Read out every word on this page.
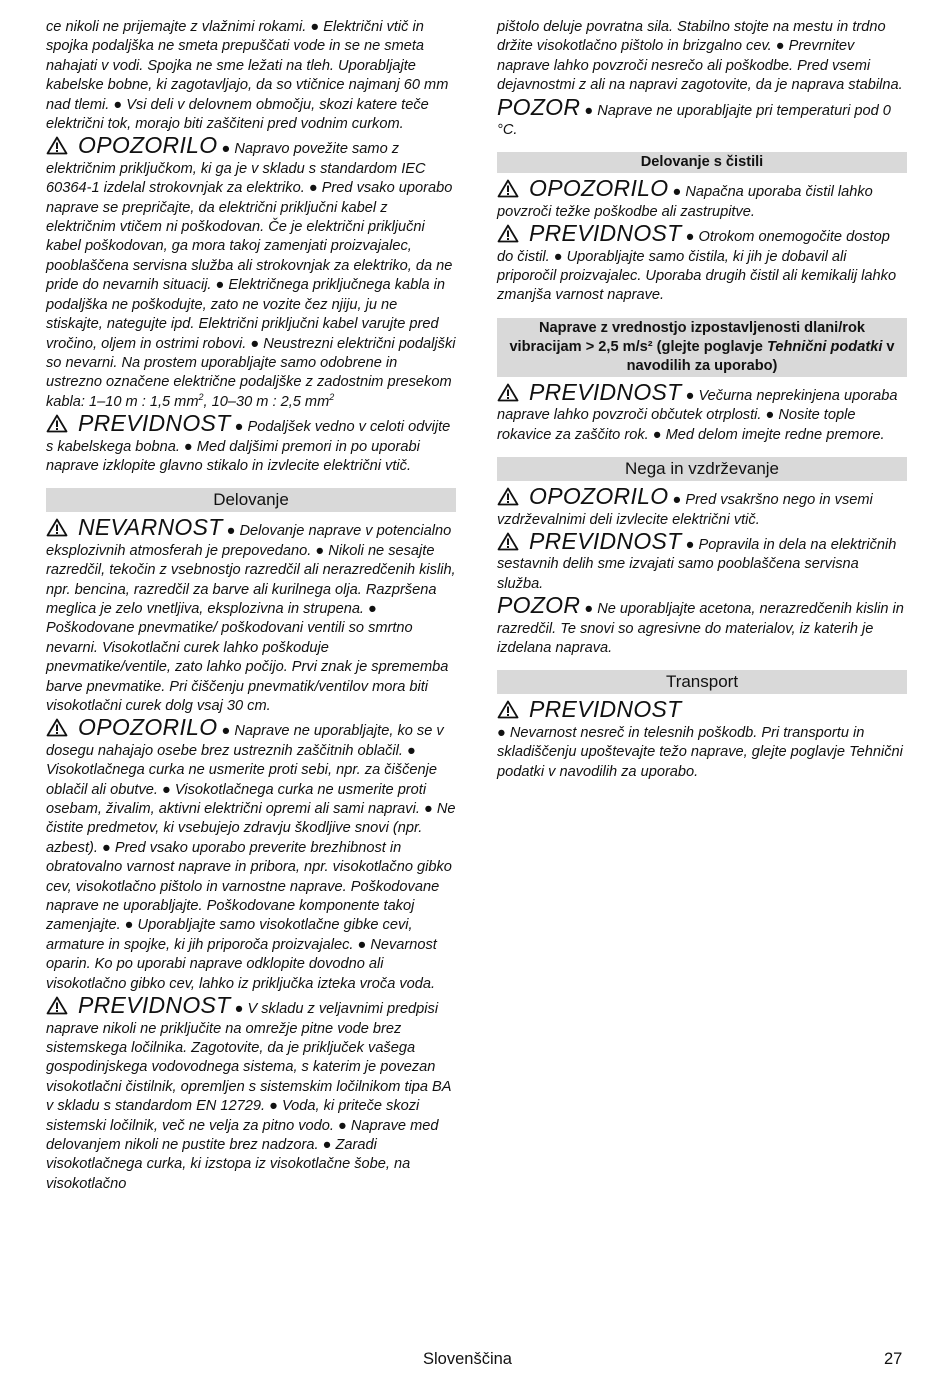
ce nikoli ne prijemajte z vlažnimi rokami. ● Električni vtič in spojka podaljška ne smeta prepuščati vode in se ne smeta nahajati v vodi. Spojka ne sme ležati na tleh. Uporabljajte kabelske bobne, ki zagotavljajo, da so vtičnice najmanj 60 mm nad tlemi. ● Vsi deli v delovnem območju, skozi katere teče električni tok, morajo biti zaščiteni pred vodnim curkom.

OPOZORILO ● Napravo povežite samo z električnim priključkom, ki ga je v skladu s standardom IEC 60364-1 izdelal strokovnjak za elektriko. ● Pred vsako uporabo naprave se prepričajte, da električni priključni kabel z električnim vtičem ni poškodovan. Če je električni priključni kabel poškodovan, ga mora takoj zamenjati proizvajalec, pooblaščena servisna služba ali strokovnjak za elektriko, da ne pride do nevarnih situacij. ● Električnega priključnega kabla in podaljška ne poškodujte, zato ne vozite čez njiju, ju ne stiskajte, nategujte ipd. Električni priključni kabel varujte pred vročino, oljem in ostrimi robovi. ● Neustrezni električni podaljški so nevarni. Na prostem uporabljajte samo odobrene in ustrezno označene električne podaljške z zadostnim presekom kabla: 1–10 m : 1,5 $mm^2$, 10–30 m : 2,5 $mm^2$

PREVIDNOST ● Podaljšek vedno v celoti odvijte s kabelskega bobna. ● Med daljšimi premori in po uporabi naprave izklopite glavno stikalo in izvlecite električni vtič.

Delovanje

NEVARNOST ● Delovanje naprave v potencialno eksplozivnih atmosferah je prepovedano. ● Nikoli ne sesajte razredčil, tekočin z vsebnostjo razredčil ali nerazredčenih kislih, npr. bencina, razredčil za barve ali kurilnega olja. Razpršena meglica je zelo vnetljiva, eksplozivna in strupena. ● Poškodovane pnevmatike/ poškodovani ventili so smrtno nevarni. Visokotlačni curek lahko poškoduje pnevmatike/ventile, zato lahko počijo. Prvi znak je sprememba barve pnevmatike. Pri čiščenju pnevmatik/ventilov mora biti visokotlačni curek dolg vsaj 30 cm.

OPOZORILO ● Naprave ne uporabljajte, ko se v dosegu nahajajo osebe brez ustreznih zaščitnih oblačil. ● Visokotlačnega curka ne usmerite proti sebi, npr. za čiščenje oblačil ali obutve. ● Visokotlačnega curka ne usmerite proti osebam, živalim, aktivni električni opremi ali sami napravi. ● Ne čistite predmetov, ki vsebujejo zdravju škodljive snovi (npr. azbest). ● Pred vsako uporabo preverite brezhibnost in obratovalno varnost naprave in pribora, npr. visokotlačno gibko cev, visokotlačno pištolo in varnostne naprave. Poškodovane naprave ne uporabljajte. Poškodovane komponente takoj zamenjajte. ● Uporabljajte samo visokotlačne gibke cevi, armature in spojke, ki jih priporoča proizvajalec. ● Nevarnost oparin. Ko po uporabi naprave odklopite dovodno ali visokotlačno gibko cev, lahko iz priključka izteka vroča voda.

PREVIDNOST ● V skladu z veljavnimi predpisi naprave nikoli ne priključite na omrežje pitne vode brez sistemskega ločilnika. Zagotovite, da je priključek vašega gospodinjskega vodovodnega sistema, s katerim je povezan visokotlačni čistilnik, opremljen s sistemskim ločilnikom tipa BA v skladu s standardom EN 12729. ● Voda, ki priteče skozi sistemski ločilnik, več ne velja za pitno vodo. ● Naprave med delovanjem nikoli ne pustite brez nadzora. ● Zaradi visokotlačnega curka, ki izstopa iz visokotlačne šobe, na visokotlačno

pištolo deluje povratna sila. Stabilno stojte na mestu in trdno držite visokotlačno pištolo in brizgalno cev. ● Prevrnitev naprave lahko povzroči nesrečo ali poškodbe. Pred vsemi dejavnostmi z ali na napravi zagotovite, da je naprava stabilna.

POZOR ● Naprave ne uporabljajte pri temperaturi pod 0 °C.

Delovanje s čistili

OPOZORILO ● Napačna uporaba čistil lahko povzroči težke poškodbe ali zastrupitve.

PREVIDNOST ● Otrokom onemogočite dostop do čistil. ● Uporabljajte samo čistila, ki jih je dobavil ali priporočil proizvajalec. Uporaba drugih čistil ali kemikalij lahko zmanjša varnost naprave.

Naprave z vrednostjo izpostavljenosti dlani/rok vibracijam > 2,5 m/s² (glejte poglavje Tehnični podatki v navodilih za uporabo)

PREVIDNOST ● Večurna neprekinjena uporaba naprave lahko povzroči občutek otrplosti. ● Nosite tople rokavice za zaščito rok. ● Med delom imejte redne premore.

Nega in vzdrževanje

OPOZORILO ● Pred vsakršno nego in vsemi vzdrževalnimi deli izvlecite električni vtič.

PREVIDNOST ● Popravila in dela na električnih sestavnih delih sme izvajati samo pooblaščena servisna služba.

POZOR ● Ne uporabljajte acetona, nerazredčenih kislin in razredčil. Te snovi so agresivne do materialov, iz katerih je izdelana naprava.

Transport

PREVIDNOST
● Nevarnost nesreč in telesnih poškodb. Pri transportu in skladiščenju upoštevajte težo naprave, glejte poglavje Tehnični podatki v navodilih za uporabo.

Slovenščina	27
